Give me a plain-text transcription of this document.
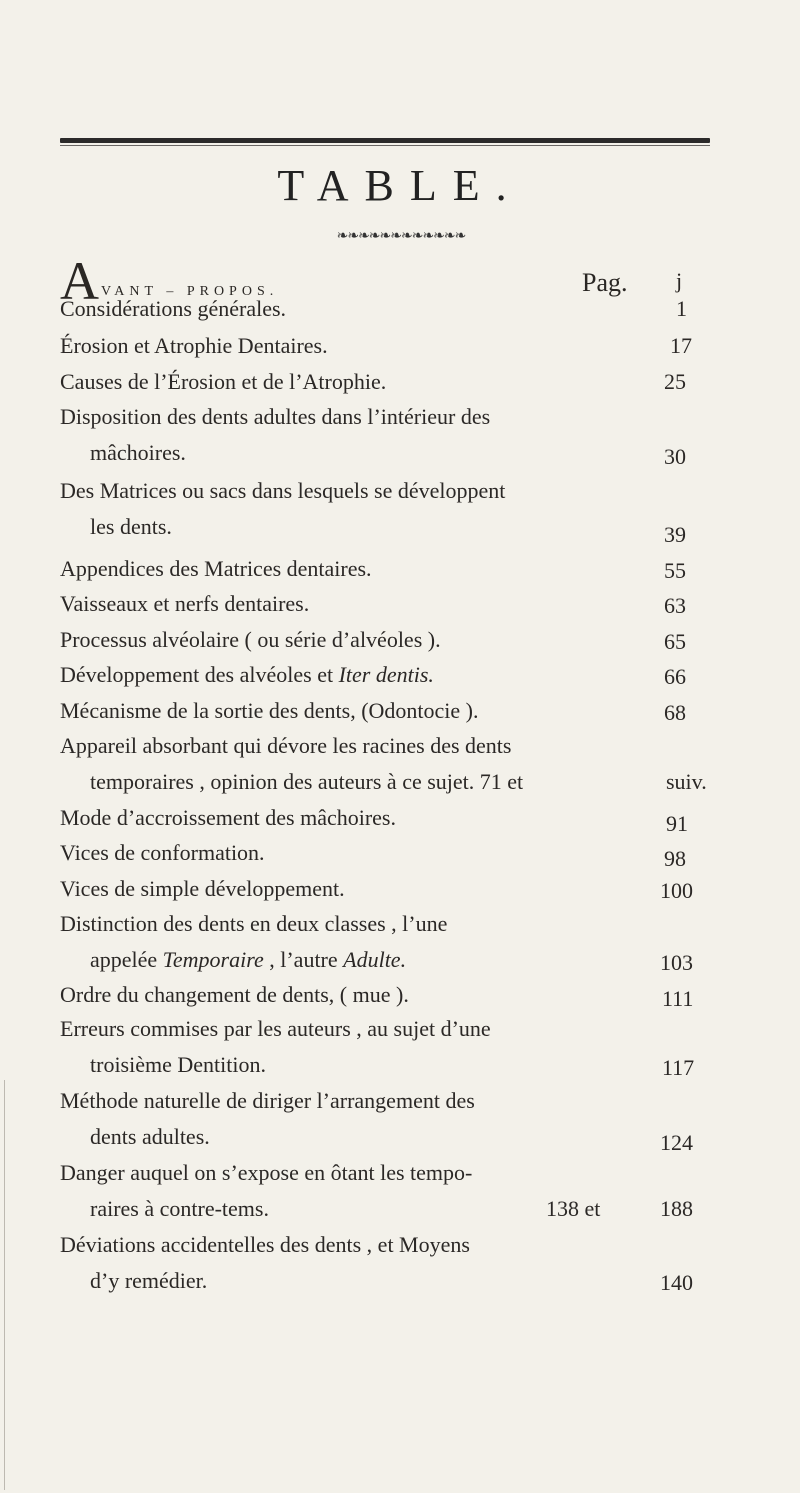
TABLE.
❧❧❧❧❧❧❧❧❧❧❧❧
AVANT – PROPOS.	Pag. j
Considérations générales.	1
Érosion et Atrophie Dentaires.	17
Causes de l’Érosion et de l’Atrophie.	25
Disposition des dents adultes dans l’intérieur des
mâchoires.	30
Des Matrices ou sacs dans lesquels se développent
les dents.	39
Appendices des Matrices dentaires.	55
Vaisseaux et nerfs dentaires.	63
Processus alvéolaire ( ou série d’alvéoles ).	65
Développement des alvéoles et Iter dentis.	66
Mécanisme de la sortie des dents, (Odontocie ).	68
Appareil absorbant qui dévore les racines des dents
temporaires , opinion des auteurs à ce sujet. 71 et	suiv.
Mode d’accroissement des mâchoires.	91
Vices de conformation.	98
Vices de simple développement.	100
Distinction des dents en deux classes , l’une
appelée Temporaire , l’autre Adulte.	103
Ordre du changement de dents, ( mue ).	111
Erreurs commises par les auteurs , au sujet d’une
troisième Dentition.	117
Méthode naturelle de diriger l’arrangement des
dents adultes.	124
Danger auquel on s’expose en ôtant les tempo-
raires à contre-tems.	138 et	188
Déviations accidentelles des dents , et Moyens
d’y remédier.	140
